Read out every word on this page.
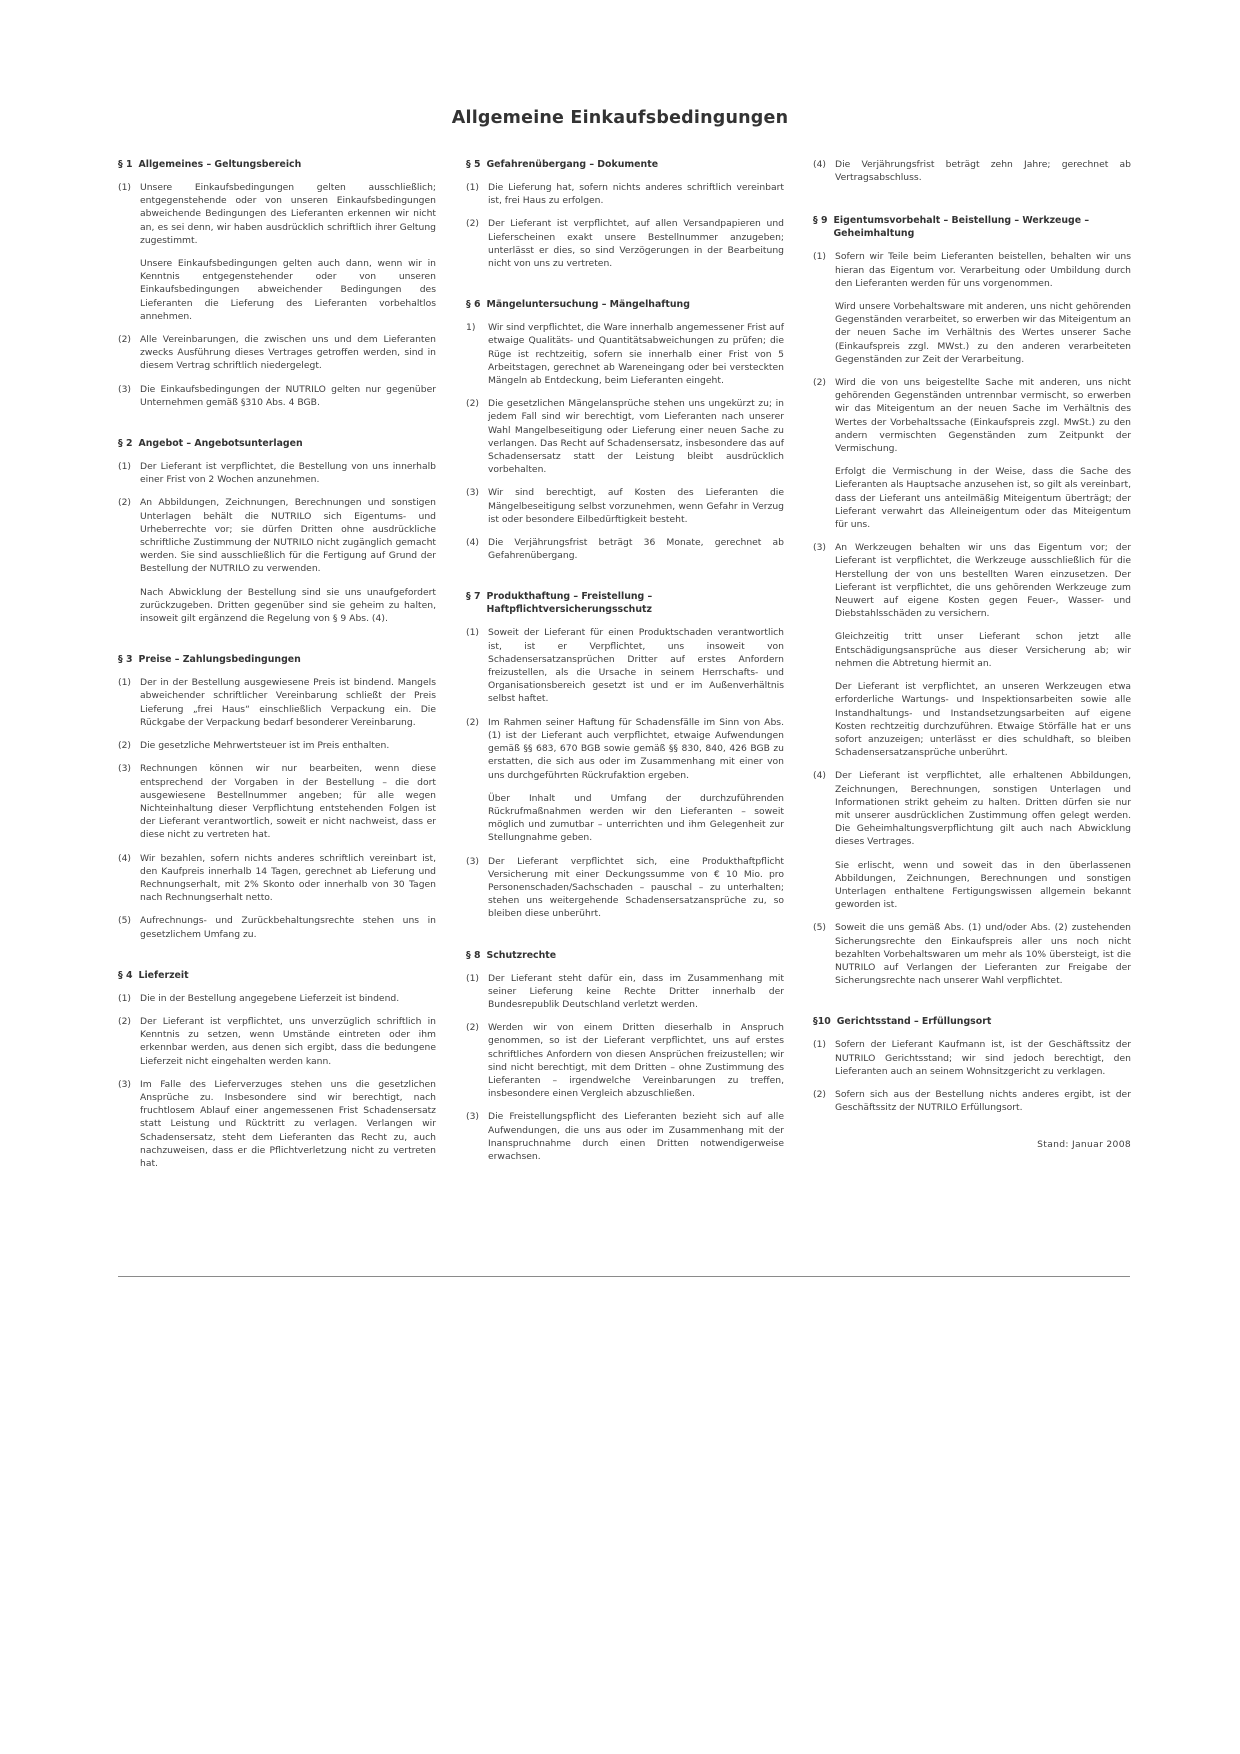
Allgemeine Einkaufsbedingungen
§ 1 Allgemeines – Geltungsbereich
(1) Unsere Einkaufsbedingungen gelten ausschließlich; entgegenstehende oder von unseren Einkaufsbedingungen abweichende Bedingungen des Lieferanten erkennen wir nicht an, es sei denn, wir haben ausdrücklich schriftlich ihrer Geltung zugestimmt.
Unsere Einkaufsbedingungen gelten auch dann, wenn wir in Kenntnis entgegenstehender oder von unseren Einkaufsbedingungen abweichender Bedingungen des Lieferanten die Lieferung des Lieferanten vorbehaltlos annehmen.
(2) Alle Vereinbarungen, die zwischen uns und dem Lieferanten zwecks Ausführung dieses Vertrages getroffen werden, sind in diesem Vertrag schriftlich niedergelegt.
(3) Die Einkaufsbedingungen der NUTRILO gelten nur gegenüber Unternehmen gemäß §310 Abs. 4 BGB.
§ 2 Angebot – Angebotsunterlagen
(1) Der Lieferant ist verpflichtet, die Bestellung von uns innerhalb einer Frist von 2 Wochen anzunehmen.
(2) An Abbildungen, Zeichnungen, Berechnungen und sonstigen Unterlagen behält die NUTRILO sich Eigentums- und Urheberrechte vor; sie dürfen Dritten ohne ausdrückliche schriftliche Zustimmung der NUTRILO nicht zugänglich gemacht werden. Sie sind ausschließlich für die Fertigung auf Grund der Bestellung der NUTRILO zu verwenden.
Nach Abwicklung der Bestellung sind sie uns unaufgefordert zurückzugeben. Dritten gegenüber sind sie geheim zu halten, insoweit gilt ergänzend die Regelung von § 9 Abs. (4).
§ 3 Preise – Zahlungsbedingungen
(1) Der in der Bestellung ausgewiesene Preis ist bindend. Mangels abweichender schriftlicher Vereinbarung schließt der Preis Lieferung „frei Haus“ einschließlich Verpackung ein. Die Rückgabe der Verpackung bedarf besonderer Vereinbarung.
(2) Die gesetzliche Mehrwertsteuer ist im Preis enthalten.
(3) Rechnungen können wir nur bearbeiten, wenn diese entsprechend der Vorgaben in der Bestellung – die dort ausgewiesene Bestellnummer angeben; für alle wegen Nichteinhaltung dieser Verpflichtung entstehenden Folgen ist der Lieferant verantwortlich, soweit er nicht nachweist, dass er diese nicht zu vertreten hat.
(4) Wir bezahlen, sofern nichts anderes schriftlich vereinbart ist, den Kaufpreis innerhalb 14 Tagen, gerechnet ab Lieferung und Rechnungserhalt, mit 2% Skonto oder innerhalb von 30 Tagen nach Rechnungserhalt netto.
(5) Aufrechnungs- und Zurückbehaltungsrechte stehen uns in gesetzlichem Umfang zu.
§ 4 Lieferzeit
(1) Die in der Bestellung angegebene Lieferzeit ist bindend.
(2) Der Lieferant ist verpflichtet, uns unverzüglich schriftlich in Kenntnis zu setzen, wenn Umstände eintreten oder ihm erkennbar werden, aus denen sich ergibt, dass die bedungene Lieferzeit nicht eingehalten werden kann.
(3) Im Falle des Lieferverzuges stehen uns die gesetzlichen Ansprüche zu. Insbesondere sind wir berechtigt, nach fruchtlosem Ablauf einer angemessenen Frist Schadensersatz statt Leistung und Rücktritt zu verlagen. Verlangen wir Schadensersatz, steht dem Lieferanten das Recht zu, auch nachzuweisen, dass er die Pflichtverletzung nicht zu vertreten hat.
§ 5 Gefahrenübergang – Dokumente
(1) Die Lieferung hat, sofern nichts anderes schriftlich vereinbart ist, frei Haus zu erfolgen.
(2) Der Lieferant ist verpflichtet, auf allen Versandpapieren und Lieferscheinen exakt unsere Bestellnummer anzugeben; unterlässt er dies, so sind Verzögerungen in der Bearbeitung nicht von uns zu vertreten.
§ 6 Mängeluntersuchung – Mängelhaftung
1)	Wir sind verpflichtet, die Ware innerhalb angemessener Frist auf etwaige Qualitäts- und Quantitätsabweichungen zu prüfen; die Rüge ist rechtzeitig, sofern sie innerhalb einer Frist von 5 Arbeitstagen, gerechnet ab Wareneingang oder bei versteckten Mängeln ab Entdeckung, beim Lieferanten eingeht.
(2) Die gesetzlichen Mängelansprüche stehen uns ungekürzt zu; in jedem Fall sind wir berechtigt, vom Lieferanten nach unserer Wahl Mangelbeseitigung oder Lieferung einer neuen Sache zu verlangen. Das Recht auf Schadensersatz, insbesondere das auf Schadensersatz statt der Leistung bleibt ausdrücklich vorbehalten.
(3) Wir sind berechtigt, auf Kosten des Lieferanten die Mängelbeseitigung selbst vorzunehmen, wenn Gefahr in Verzug ist oder besondere Eilbedürftigkeit besteht.
(4) Die Verjährungsfrist beträgt 36 Monate, gerechnet ab Gefahrenübergang.
§ 7 Produkthaftung – Freistellung – Haftpflichtversicherungsschutz
(1) Soweit der Lieferant für einen Produktschaden verantwortlich ist, ist er Verpflichtet, uns insoweit von Schadensersatzansprüchen Dritter auf erstes Anfordern freizustellen, als die Ursache in seinem Herrschafts- und Organisationsbereich gesetzt ist und er im Außenverhältnis selbst haftet.
(2) Im Rahmen seiner Haftung für Schadensfälle im Sinn von Abs. (1) ist der Lieferant auch verpflichtet, etwaige Aufwendungen gemäß §§ 683, 670 BGB sowie gemäß §§ 830, 840, 426 BGB zu erstatten, die sich aus oder im Zusammenhang mit einer von uns durchgeführten Rückrufaktion ergeben.
Über Inhalt und Umfang der durchzuführenden Rückrufmaßnahmen werden wir den Lieferanten – soweit möglich und zumutbar – unterrichten und ihm Gelegenheit zur Stellungnahme geben.
(3) Der Lieferant verpflichtet sich, eine Produkthaftpflicht Versicherung mit einer Deckungssumme von € 10 Mio. pro Personenschaden/Sachschaden – pauschal – zu unterhalten; stehen uns weitergehende Schadensersatzansprüche zu, so bleiben diese unberührt.
§ 8 Schutzrechte
(1) Der Lieferant steht dafür ein, dass im Zusammenhang mit seiner Lieferung keine Rechte Dritter innerhalb der Bundesrepublik Deutschland verletzt werden.
(2) Werden wir von einem Dritten dieserhalb in Anspruch genommen, so ist der Lieferant verpflichtet, uns auf erstes schriftliches Anfordern von diesen Ansprüchen freizustellen; wir sind nicht berechtigt, mit dem Dritten – ohne Zustimmung des Lieferanten – irgendwelche Vereinbarungen zu treffen, insbesondere einen Vergleich abzuschließen.
(3) Die Freistellungspflicht des Lieferanten bezieht sich auf alle Aufwendungen, die uns aus oder im Zusammenhang mit der Inanspruchnahme durch einen Dritten notwendigerweise erwachsen.
(4) Die Verjährungsfrist beträgt zehn Jahre; gerechnet ab Vertragsabschluss.
§ 9 Eigentumsvorbehalt – Beistellung – Werkzeuge – Geheimhaltung
(1) Sofern wir Teile beim Lieferanten beistellen, behalten wir uns hieran das Eigentum vor. Verarbeitung oder Umbildung durch den Lieferanten werden für uns vorgenommen.
Wird unsere Vorbehaltsware mit anderen, uns nicht gehörenden Gegenständen verarbeitet, so erwerben wir das Miteigentum an der neuen Sache im Verhältnis des Wertes unserer Sache (Einkaufspreis zzgl. MWst.) zu den anderen verarbeiteten Gegenständen zur Zeit der Verarbeitung.
(2) Wird die von uns beigestellte Sache mit anderen, uns nicht gehörenden Gegenständen untrennbar vermischt, so erwerben wir das Miteigentum an der neuen Sache im Verhältnis des Wertes der Vorbehaltssache (Einkaufspreis zzgl. MwSt.) zu den andern vermischten Gegenständen zum Zeitpunkt der Vermischung.
Erfolgt die Vermischung in der Weise, dass die Sache des Lieferanten als Hauptsache anzusehen ist, so gilt als vereinbart, dass der Lieferant uns anteilmäßig Miteigentum überträgt; der Lieferant verwahrt das Alleineigentum oder das Miteigentum für uns.
(3) An Werkzeugen behalten wir uns das Eigentum vor; der Lieferant ist verpflichtet, die Werkzeuge ausschließlich für die Herstellung der von uns bestellten Waren einzusetzen. Der Lieferant ist verpflichtet, die uns gehörenden Werkzeuge zum Neuwert auf eigene Kosten gegen Feuer-, Wasser- und Diebstahlsschäden zu versichern.
Gleichzeitig tritt unser Lieferant schon jetzt alle Entschädigungsansprüche aus dieser Versicherung ab; wir nehmen die Abtretung hiermit an.
Der Lieferant ist verpflichtet, an unseren Werkzeugen etwa erforderliche Wartungs- und Inspektionsarbeiten sowie alle Instandhaltungs- und Instandsetzungsarbeiten auf eigene Kosten rechtzeitig durchzuführen. Etwaige Störfälle hat er uns sofort anzuzeigen; unterlässt er dies schuldhaft, so bleiben Schadensersatzansprüche unberührt.
(4) Der Lieferant ist verpflichtet, alle erhaltenen Abbildungen, Zeichnungen, Berechnungen, sonstigen Unterlagen und Informationen strikt geheim zu halten. Dritten dürfen sie nur mit unserer ausdrücklichen Zustimmung offen gelegt werden. Die Geheimhaltungsverpflichtung gilt auch nach Abwicklung dieses Vertrages.
Sie erlischt, wenn und soweit das in den überlassenen Abbildungen, Zeichnungen, Berechnungen und sonstigen Unterlagen enthaltene Fertigungswissen allgemein bekannt geworden ist.
(5) Soweit die uns gemäß Abs. (1) und/oder Abs. (2) zustehenden Sicherungsrechte den Einkaufspreis aller uns noch nicht bezahlten Vorbehaltswaren um mehr als 10% übersteigt, ist die NUTRILO auf Verlangen der Lieferanten zur Freigabe der Sicherungsrechte nach unserer Wahl verpflichtet.
§10 Gerichtsstand – Erfüllungsort
(1) Sofern der Lieferant Kaufmann ist, ist der Geschäftssitz der NUTRILO Gerichtsstand; wir sind jedoch berechtigt, den Lieferanten auch an seinem Wohnsitzgericht zu verklagen.
(2) Sofern sich aus der Bestellung nichts anderes ergibt, ist der Geschäftssitz der NUTRILO Erfüllungsort.
Stand: Januar 2008
